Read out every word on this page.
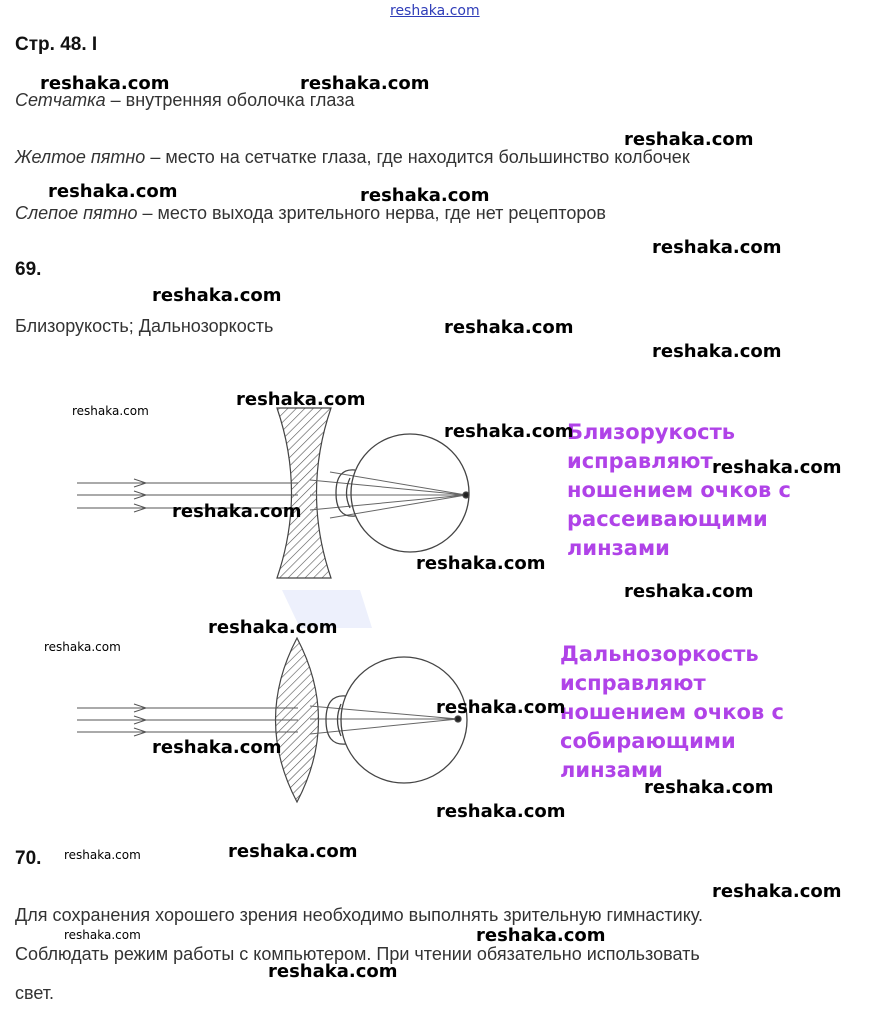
reshaka.com
Стр. 48. I
Сетчатка – внутренняя оболочка глаза
Желтое пятно – место на сетчатке глаза, где находится большинство колбочек
Слепое пятно – место выхода зрительного нерва, где нет рецепторов
69.
Близорукость; Дальнозоркость
Близорукость исправляют ношением очков с рассеивающими линзами
Дальнозоркость исправляют ношением очков с собирающими линзами
70.
Для сохранения хорошего зрения необходимо выполнять зрительную гимнастику.
Соблюдать режим работы с компьютером. При чтении обязательно использовать
свет.
reshaka.com	reshaka.com
reshaka.com
reshaka.com	reshaka.com
reshaka.com
reshaka.com
reshaka.com
reshaka.com
reshaka.com
reshaka.com
reshaka.com
reshaka.com
reshaka.com
reshaka.com
reshaka.com
reshaka.com
reshaka.com
reshaka.com
reshaka.com
reshaka.com
reshaka.com
reshaka.com	reshaka.com
reshaka.com
reshaka.com	reshaka.com
reshaka.com
